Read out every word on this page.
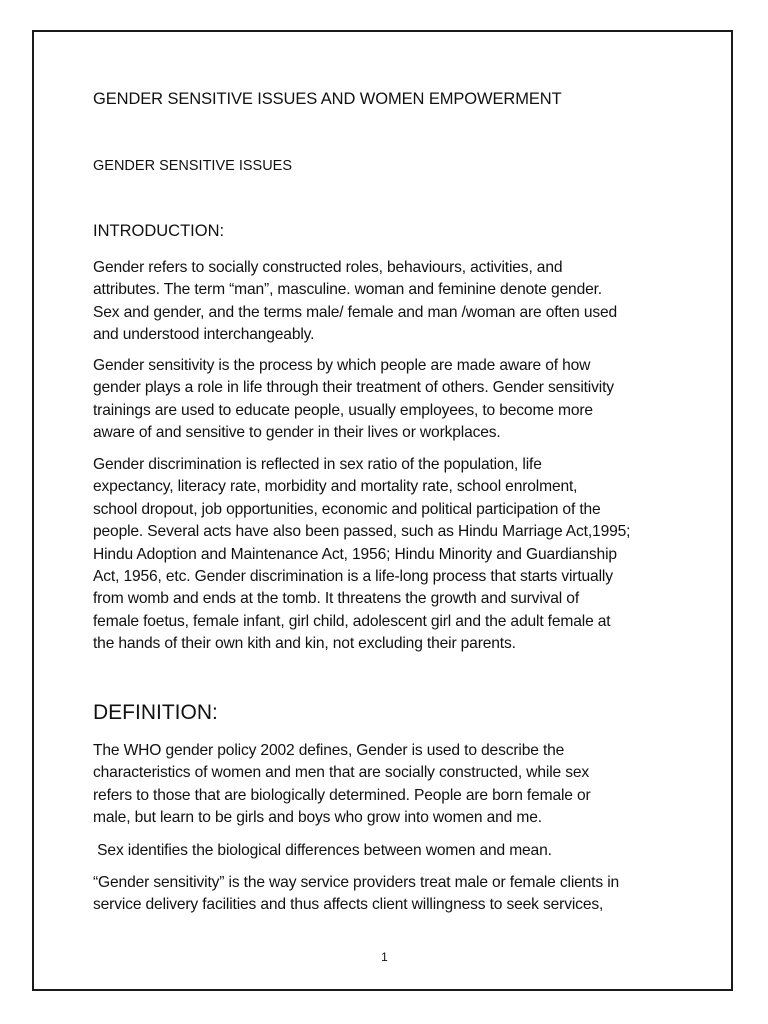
GENDER SENSITIVE ISSUES AND WOMEN EMPOWERMENT
GENDER SENSITIVE ISSUES
INTRODUCTION:

Gender refers to socially constructed roles, behaviours, activities, and
attributes. The term “man”, masculine. woman and feminine denote gender.
Sex and gender, and the terms male/ female and man /woman are often used
and understood interchangeably.

Gender sensitivity is the process by which people are made aware of how
gender plays a role in life through their treatment of others. Gender sensitivity
trainings are used to educate people, usually employees, to become more
aware of and sensitive to gender in their lives or workplaces.

Gender discrimination is reflected in sex ratio of the population, life
expectancy, literacy rate, morbidity and mortality rate, school enrolment,
school dropout, job opportunities, economic and political participation of the
people. Several acts have also been passed, such as Hindu Marriage Act,1995;
Hindu Adoption and Maintenance Act, 1956; Hindu Minority and Guardianship
Act, 1956, etc. Gender discrimination is a life-long process that starts virtually
from womb and ends at the tomb. It threatens the growth and survival of
female foetus, female infant, girl child, adolescent girl and the adult female at
the hands of their own kith and kin, not excluding their parents.

DEFINITION:

The WHO gender policy 2002 defines, Gender is used to describe the
characteristics of women and men that are socially constructed, while sex
refers to those that are biologically determined. People are born female or
male, but learn to be girls and boys who grow into women and me.

Sex identifies the biological differences between women and mean.

“Gender sensitivity” is the way service providers treat male or female clients in
service delivery facilities and thus affects client willingness to seek services,

1
